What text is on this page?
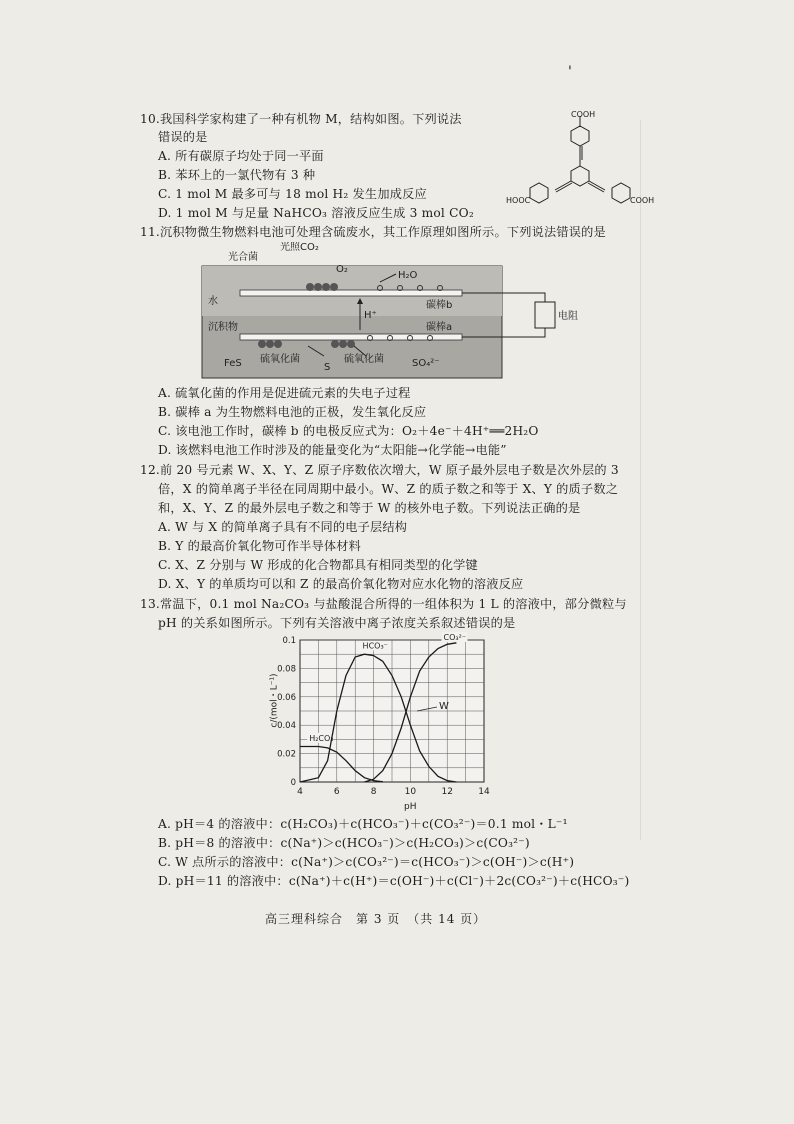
'
10.我国科学家构建了一种有机物 M，结构如图。下列说法
错误的是
A. 所有碳原子均处于同一平面
B. 苯环上的一氯代物有 3 种
C. 1 mol M 最多可与 18 mol H₂ 发生加成反应
D. 1 mol M 与足量 NaHCO₃ 溶液反应生成 3 mol CO₂
COOH
HOOC	COOH
11.沉积物微生物燃料电池可处理含硫废水，其工作原理如图所示。下列说法错误的是
光合菌
光照CO₂
O₂
H₂O
水	碳棒b
H⁺	电阻
沉积物	碳棒a
FeS 硫氧化菌
S
硫氧化菌	SO₄²⁻
A. 硫氧化菌的作用是促进硫元素的失电子过程
B. 碳棒 a 为生物燃料电池的正极，发生氧化反应
C. 该电池工作时，碳棒 b 的电极反应式为：O₂＋4e⁻＋4H⁺══2H₂O
D. 该燃料电池工作时涉及的能量变化为“太阳能→化学能→电能”
12.前 20 号元素 W、X、Y、Z 原子序数依次增大，W 原子最外层电子数是次外层的 3
倍，X 的简单离子半径在同周期中最小。W、Z 的质子数之和等于 X、Y 的质子数之
和，X、Y、Z 的最外层电子数之和等于 W 的核外电子数。下列说法正确的是
A. W 与 X 的简单离子具有不同的电子层结构
B. Y 的最高价氧化物可作半导体材料
C. X、Z 分别与 W 形成的化合物都具有相同类型的化学键
D. X、Y 的单质均可以和 Z 的最高价氧化物对应水化物的溶液反应
13.常温下，0.1 mol Na₂CO₃ 与盐酸混合所得的一组体积为 1 L 的溶液中，部分微粒与
pH 的关系如图所示。下列有关溶液中离子浓度关系叙述错误的是
H₂CO₃
HCO₃⁻
CO₃²⁻
W
4	6	8	10	12	14
0
0.02
0.04
0.06
0.08
0.1
c/(mol・L⁻¹)
pH
A. pH＝4 的溶液中：c(H₂CO₃)＋c(HCO₃⁻)＋c(CO₃²⁻)＝0.1 mol・L⁻¹
B. pH＝8 的溶液中：c(Na⁺)＞c(HCO₃⁻)＞c(H₂CO₃)＞c(CO₃²⁻)
C. W 点所示的溶液中：c(Na⁺)＞c(CO₃²⁻)＝c(HCO₃⁻)＞c(OH⁻)＞c(H⁺)
D. pH＝11 的溶液中：c(Na⁺)＋c(H⁺)＝c(OH⁻)＋c(Cl⁻)＋2c(CO₃²⁻)＋c(HCO₃⁻)
高三理科综合　第 3 页　（共 14 页）
